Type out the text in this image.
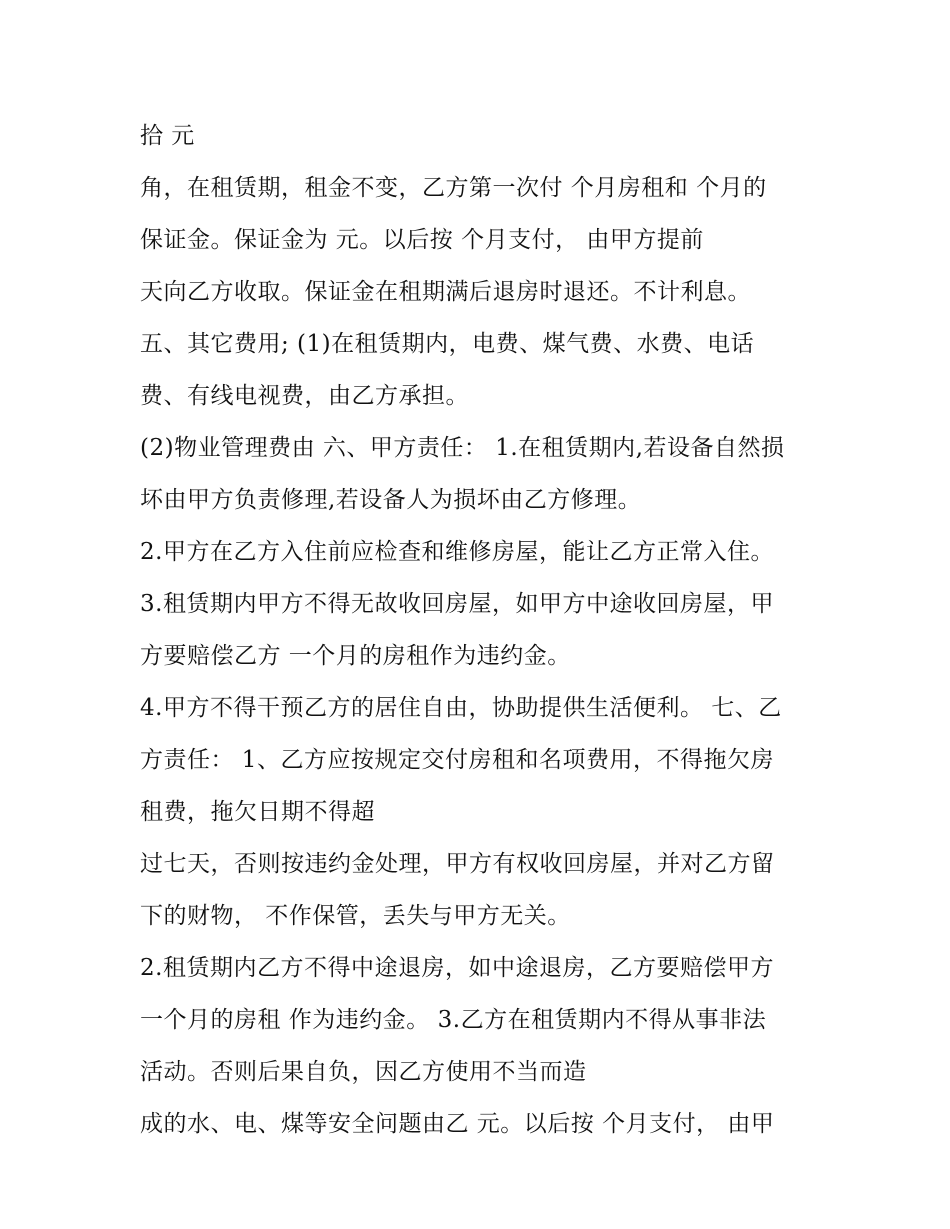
拾 元
角，在租赁期，租金不变，乙方第一次付 个月房租和 个月的
保证金。保证金为 元。以后按 个月支付， 由甲方提前
天向乙方收取。保证金在租期满后退房时退还。不计利息。
五、其它费用; (1)在租赁期内，电费、煤气费、水费、电话
费、有线电视费，由乙方承担。
(2)物业管理费由 六、甲方责任： 1.在租赁期内,若设备自然损
坏由甲方负责修理,若设备人为损坏由乙方修理。
2.甲方在乙方入住前应检查和维修房屋，能让乙方正常入住。
3.租赁期内甲方不得无故收回房屋，如甲方中途收回房屋，甲
方要赔偿乙方 一个月的房租作为违约金。
4.甲方不得干预乙方的居住自由，协助提供生活便利。 七、乙
方责任： 1、乙方应按规定交付房租和名项费用，不得拖欠房
租费，拖欠日期不得超
过七天，否则按违约金处理，甲方有权收回房屋，并对乙方留
下的财物， 不作保管，丢失与甲方无关。
2.租赁期内乙方不得中途退房，如中途退房，乙方要赔偿甲方
一个月的房租 作为违约金。 3.乙方在租赁期内不得从事非法
活动。否则后果自负，因乙方使用不当而造
成的水、电、煤等安全问题由乙 元。以后按 个月支付， 由甲
